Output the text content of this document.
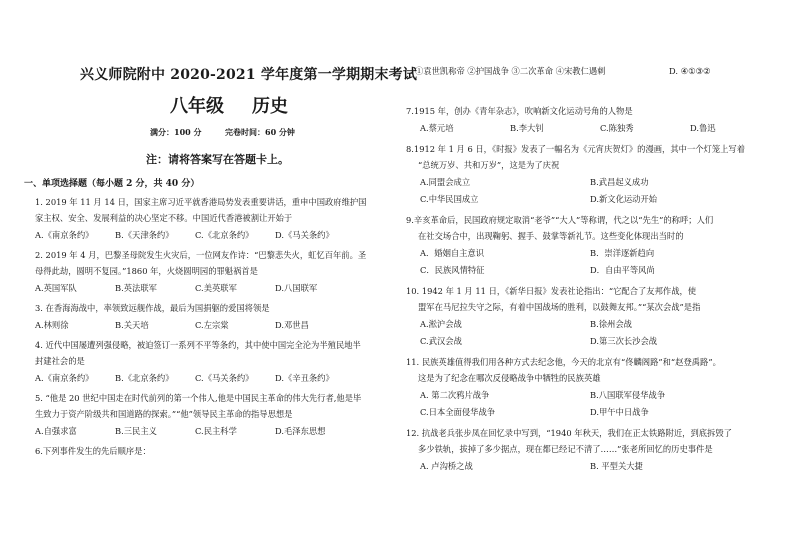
兴义师院附中 2020-2021 学年度第一学期期末考试
八年级 历史
满分：100 分	完卷时间：60 分钟
注：请将答案写在答题卡上。
一、单项选择题（每小题 2 分，共 40 分）
1. 2019 年 11 月 14 日，国家主席习近平就香港局势发表重要讲话，重申中国政府维护国
家主权、安全、发展利益的决心坚定不移。中国近代香港被割让开始于
A.《南京条约》	B.《天津条约》	C.《北京条约》	D.《马关条约》
2. 2019 年 4 月，巴黎圣母院发生火灾后，一位网友作诗：“巴黎悲失火，虹忆百年前。圣
母得此劫，圆明不复园。”1860 年，火烧圆明园的罪魁祸首是
A.英国军队	B.英法联军	C.美英联军	D.八国联军
3. 在香海海战中，率领致远舰作战，最后为国捐躯的爱国将领是
A.林则徐	B.关天培	C.左宗棠	D.邓世昌
4. 近代中国屡遭列强侵略，被迫签订一系列不平等条约，其中使中国完全沦为半殖民地半
封建社会的是
A.《南京条约》	B.《北京条约》	C.《马关条约》	D.《辛丑条约》
5. “他是 20 世纪中国走在时代前列的第一个伟人,他是中国民主革命的伟大先行者,他是毕
生致力于资产阶级共和国道路的探索。”“他”领导民主革命的指导思想是
A.自强求富	B.三民主义	C.民主科学	D.毛泽东思想
6.下列事件发生的先后顺序是：
①袁世凯称帝 ②护国战争 ③二次革命 ④宋教仁遇刺	D. ④①③②
7.1915 年，创办《青年杂志》，吹响新文化运动号角的人物是
A.蔡元培	B.李大钊	C.陈独秀	D.鲁迅
8.1912 年 1 月 6 日，《时报》发表了一幅名为《元宵庆贺灯》的漫画，其中一个灯笼上写着
“总统万岁、共和万岁”，这是为了庆祝
A.同盟会成立	B.武昌起义成功
C.中华民国成立	D.新文化运动开始
9.辛亥革命后，民国政府规定取消“老爷”“大人”等称谓，代之以“先生”的称呼；人们
在社交场合中，出现鞠躬、握手、鼓掌等新礼节。这些变化体现出当时的
A．婚姻自主意识	B．崇洋逐新趋向
C．民族风情特征	D．自由平等风尚
10. 1942 年 1 月 11 日，《新华日报》发表社论指出：“它配合了友邦作战，使
盟军在马尼拉失守之际，有着中国战场的胜利，以鼓舞友邦。”“某次会战”是指
A.淞沪会战	B.徐州会战
C.武汉会战	D.第三次长沙会战
11. 民族英雄值得我们用各种方式去纪念他，今天的北京有“佟麟阁路”和“赵登禹路”。
这是为了纪念在哪次反侵略战争中牺牲的民族英雄
A. 第二次鸦片战争	B.八国联军侵华战争
C.日本全面侵华战争	D.甲午中日战争
12. 抗战老兵张步凤在回忆录中写到，“1940 年秋天，我们在正太铁路附近，到底拆毁了
多少铁轨，拔掉了多少据点，现在都已经记不清了……”张老所回忆的历史事件是
A. 卢沟桥之战	B. 平型关大捷
